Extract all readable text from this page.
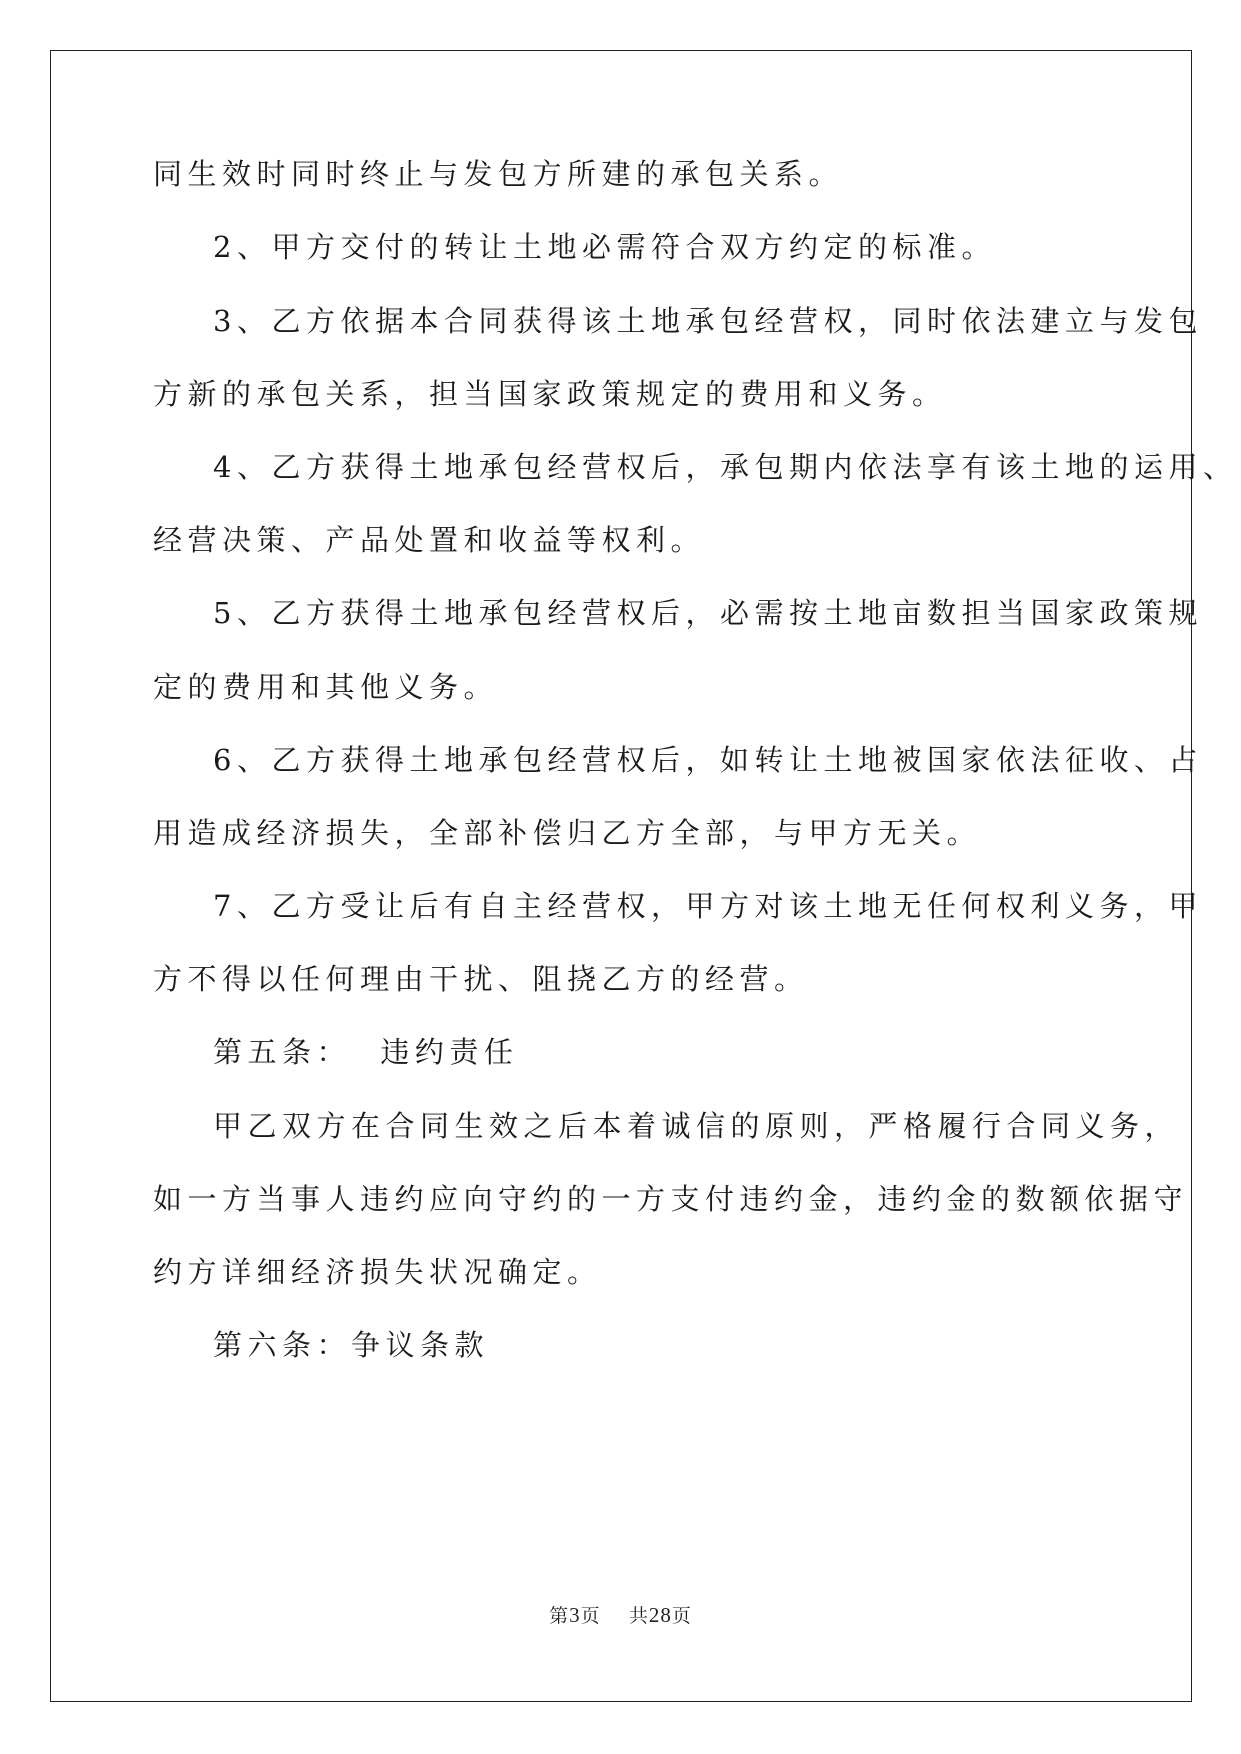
同生效时同时终止与发包方所建的承包关系。
2、甲方交付的转让土地必需符合双方约定的标准。
3、乙方依据本合同获得该土地承包经营权，同时依法建立与发包
方新的承包关系，担当国家政策规定的费用和义务。
4、乙方获得土地承包经营权后，承包期内依法享有该土地的运用、
经营决策、产品处置和收益等权利。
5、乙方获得土地承包经营权后，必需按土地亩数担当国家政策规
定的费用和其他义务。
6、乙方获得土地承包经营权后，如转让土地被国家依法征收、占
用造成经济损失，全部补偿归乙方全部，与甲方无关。
7、乙方受让后有自主经营权，甲方对该土地无任何权利义务，甲
方不得以任何理由干扰、阻挠乙方的经营。
第五条：  违约责任
甲乙双方在合同生效之后本着诚信的原则，严格履行合同义务，
如一方当事人违约应向守约的一方支付违约金，违约金的数额依据守
约方详细经济损失状况确定。
第六条：争议条款
第3页 共28页
